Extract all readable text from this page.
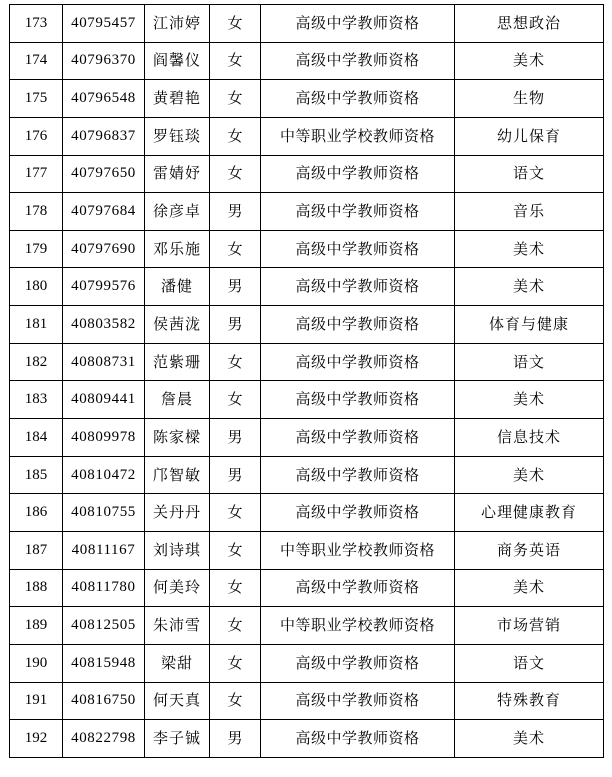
173	40795457	江沛婷	女	高级中学教师资格	思想政治
174	40796370	阎馨仪	女	高级中学教师资格	美术
175	40796548	黄碧艳	女	高级中学教师资格	生物
176	40796837	罗钰琰	女	中等职业学校教师资格	幼儿保育
177	40797650	雷婧妤	女	高级中学教师资格	语文
178	40797684	徐彦卓	男	高级中学教师资格	音乐
179	40797690	邓乐施	女	高级中学教师资格	美术
180	40799576	潘健	男	高级中学教师资格	美术
181	40803582	侯茜泷	男	高级中学教师资格	体育与健康
182	40808731	范紫珊	女	高级中学教师资格	语文
183	40809441	詹晨	女	高级中学教师资格	美术
184	40809978	陈家樑	男	高级中学教师资格	信息技术
185	40810472	邝智敏	男	高级中学教师资格	美术
186	40810755	关丹丹	女	高级中学教师资格	心理健康教育
187	40811167	刘诗琪	女	中等职业学校教师资格	商务英语
188	40811780	何美玲	女	高级中学教师资格	美术
189	40812505	朱沛雪	女	中等职业学校教师资格	市场营销
190	40815948	梁甜	女	高级中学教师资格	语文
191	40816750	何天真	女	高级中学教师资格	特殊教育
192	40822798	李子铖	男	高级中学教师资格	美术
